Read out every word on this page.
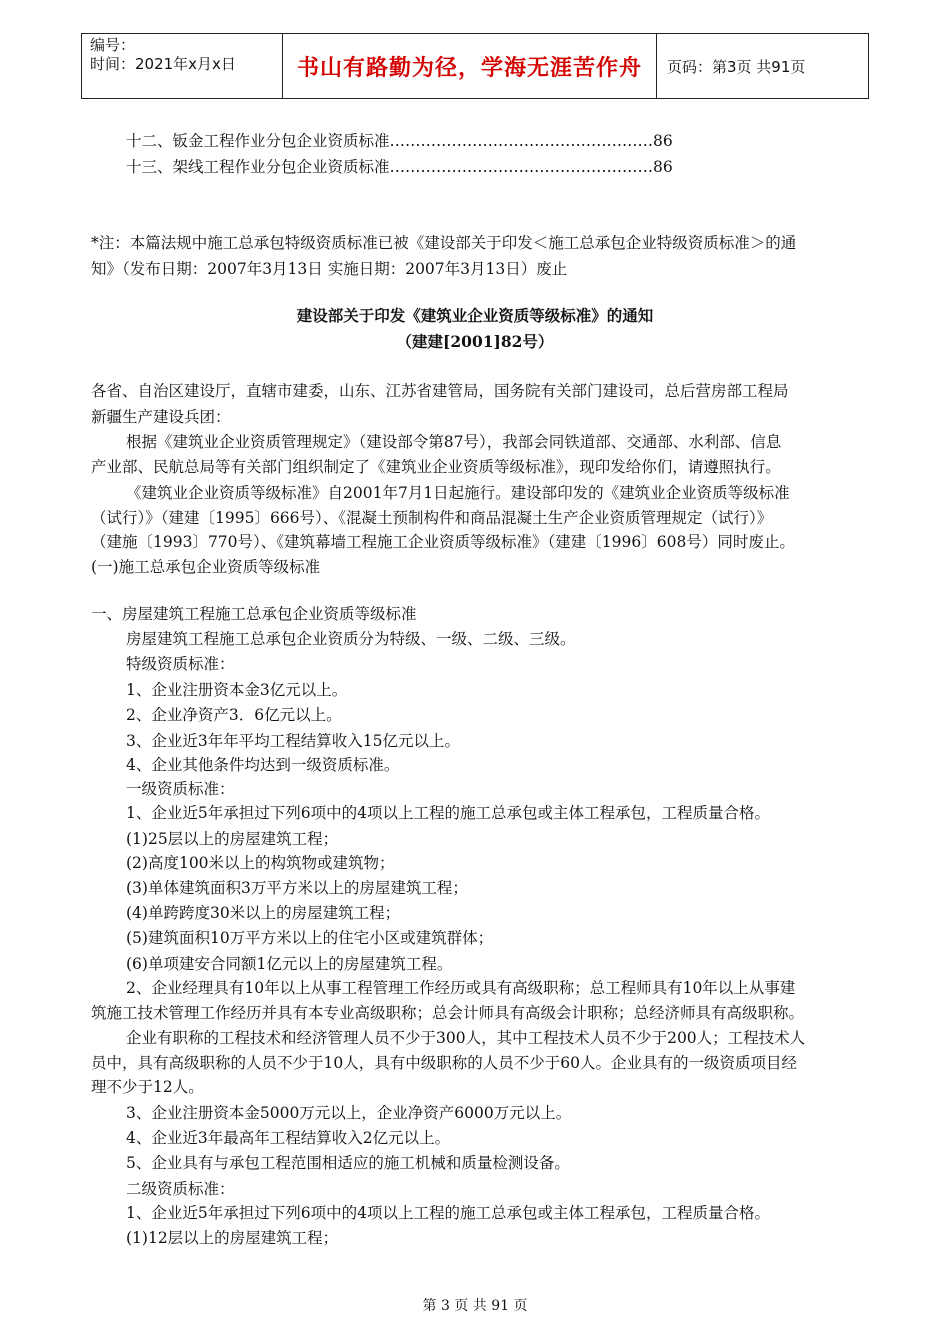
编号：
时间：2021年x月x日	书山有路勤为径，学海无涯苦作舟	页码：第3页 共91页
十二、钣金工程作业分包企业资质标准……………………………………………86
十三、架线工程作业分包企业资质标准……………………………………………86
*注：本篇法规中施工总承包特级资质标准已被《建设部关于印发＜施工总承包企业特级资质标准＞的通
知》（发布日期：2007年3月13日 实施日期：2007年3月13日）废止
建设部关于印发《建筑业企业资质等级标准》的通知
（建建[2001]82号）
各省、自治区建设厅，直辖市建委，山东、江苏省建管局，国务院有关部门建设司，总后营房部工程局
新疆生产建设兵团：
根据《建筑业企业资质管理规定》（建设部令第87号），我部会同铁道部、交通部、水利部、信息
产业部、民航总局等有关部门组织制定了《建筑业企业资质等级标准》，现印发给你们，请遵照执行。
《建筑业企业资质等级标准》自2001年7月1日起施行。建设部印发的《建筑业企业资质等级标准
（试行）》（建建〔1995〕666号）、《混凝土预制构件和商品混凝土生产企业资质管理规定（试行）》
（建施〔1993〕770号）、《建筑幕墙工程施工企业资质等级标准》（建建〔1996〕608号）同时废止。
(一)施工总承包企业资质等级标准
一、房屋建筑工程施工总承包企业资质等级标准
房屋建筑工程施工总承包企业资质分为特级、一级、二级、三级。
特级资质标准：
1、企业注册资本金3亿元以上。
2、企业净资产3．6亿元以上。
3、企业近3年年平均工程结算收入15亿元以上。
4、企业其他条件均达到一级资质标准。
一级资质标准：
1、企业近5年承担过下列6项中的4项以上工程的施工总承包或主体工程承包，工程质量合格。
(1)25层以上的房屋建筑工程；
(2)高度100米以上的构筑物或建筑物；
(3)单体建筑面积3万平方米以上的房屋建筑工程；
(4)单跨跨度30米以上的房屋建筑工程；
(5)建筑面积10万平方米以上的住宅小区或建筑群体；
(6)单项建安合同额1亿元以上的房屋建筑工程。
2、企业经理具有10年以上从事工程管理工作经历或具有高级职称；总工程师具有10年以上从事建
筑施工技术管理工作经历并具有本专业高级职称；总会计师具有高级会计职称；总经济师具有高级职称。
企业有职称的工程技术和经济管理人员不少于300人，其中工程技术人员不少于200人；工程技术人
员中，具有高级职称的人员不少于10人，具有中级职称的人员不少于60人。企业具有的一级资质项目经
理不少于12人。
3、企业注册资本金5000万元以上，企业净资产6000万元以上。
4、企业近3年最高年工程结算收入2亿元以上。
5、企业具有与承包工程范围相适应的施工机械和质量检测设备。
二级资质标准：
1、企业近5年承担过下列6项中的4项以上工程的施工总承包或主体工程承包，工程质量合格。
(1)12层以上的房屋建筑工程；
第 3 页 共 91 页
